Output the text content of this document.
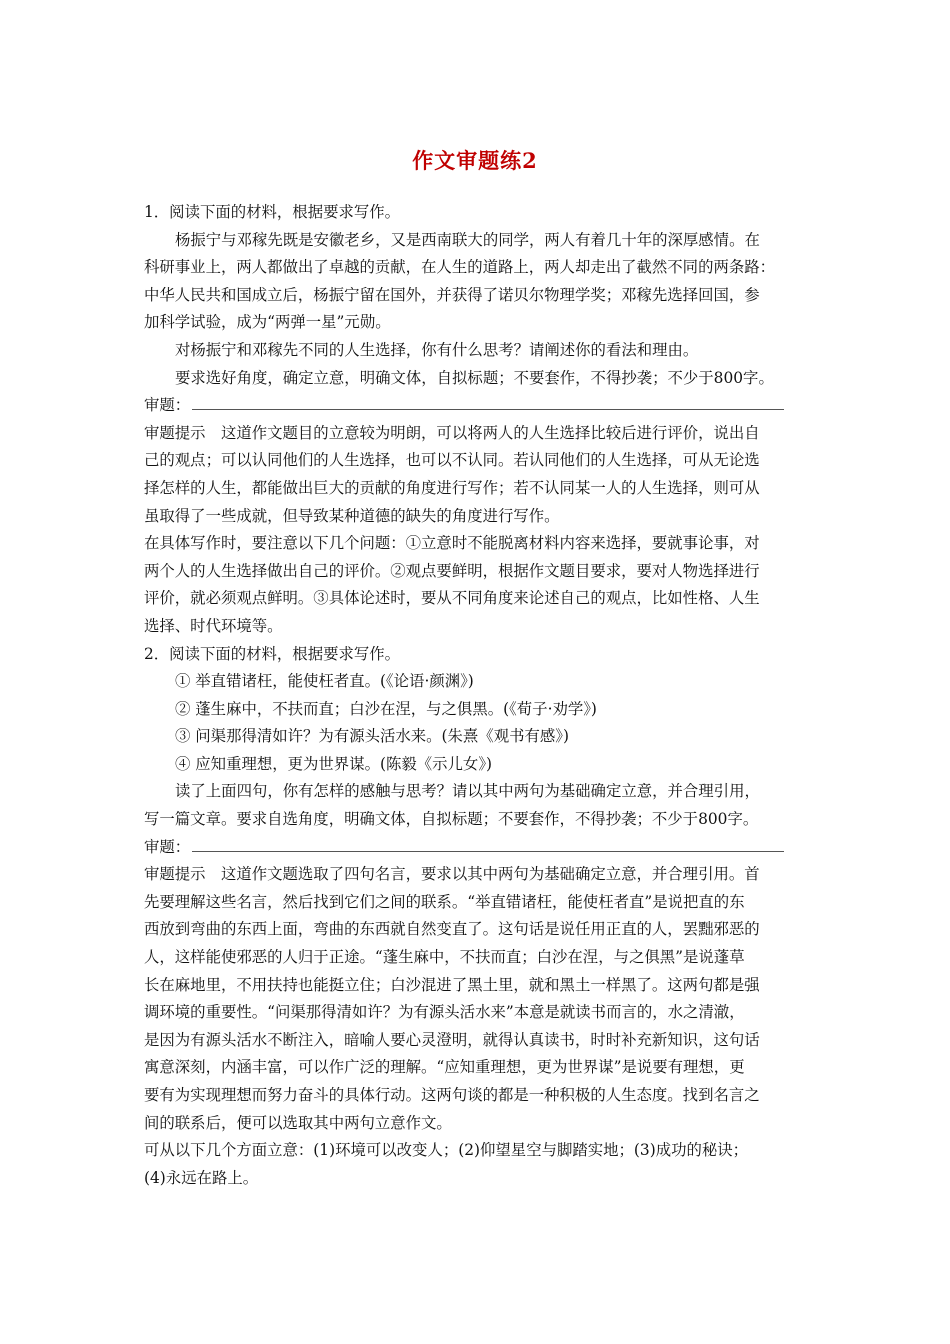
作文审题练2
1．阅读下面的材料，根据要求写作。
杨振宁与邓稼先既是安徽老乡，又是西南联大的同学，两人有着几十年的深厚感情。在
科研事业上，两人都做出了卓越的贡献，在人生的道路上，两人却走出了截然不同的两条路：
中华人民共和国成立后，杨振宁留在国外，并获得了诺贝尔物理学奖；邓稼先选择回国，参
加科学试验，成为“两弹一星”元勋。
对杨振宁和邓稼先不同的人生选择，你有什么思考？请阐述你的看法和理由。
要求选好角度，确定立意，明确文体，自拟标题；不要套作，不得抄袭；不少于800字。
审题：
审题提示　这道作文题目的立意较为明朗，可以将两人的人生选择比较后进行评价，说出自
己的观点；可以认同他们的人生选择，也可以不认同。若认同他们的人生选择，可从无论选
择怎样的人生，都能做出巨大的贡献的角度进行写作；若不认同某一人的人生选择，则可从
虽取得了一些成就，但导致某种道德的缺失的角度进行写作。
在具体写作时，要注意以下几个问题：①立意时不能脱离材料内容来选择，要就事论事，对
两个人的人生选择做出自己的评价。②观点要鲜明，根据作文题目要求，要对人物选择进行
评价，就必须观点鲜明。③具体论述时，要从不同角度来论述自己的观点，比如性格、人生
选择、时代环境等。
2．阅读下面的材料，根据要求写作。
① 举直错诸枉，能使枉者直。(《论语·颜渊》)
② 蓬生麻中，不扶而直；白沙在涅，与之俱黑。(《荀子·劝学》)
③ 问渠那得清如许？为有源头活水来。(朱熹《观书有感》)
④ 应知重理想，更为世界谋。(陈毅《示儿女》)
读了上面四句，你有怎样的感触与思考？请以其中两句为基础确定立意，并合理引用，
写一篇文章。要求自选角度，明确文体，自拟标题；不要套作，不得抄袭；不少于800字。
审题：
审题提示　这道作文题选取了四句名言，要求以其中两句为基础确定立意，并合理引用。首
先要理解这些名言，然后找到它们之间的联系。“举直错诸枉，能使枉者直”是说把直的东
西放到弯曲的东西上面，弯曲的东西就自然变直了。这句话是说任用正直的人，罢黜邪恶的
人，这样能使邪恶的人归于正途。“蓬生麻中，不扶而直；白沙在涅，与之俱黑”是说蓬草
长在麻地里，不用扶持也能挺立住；白沙混进了黑土里，就和黑土一样黑了。这两句都是强
调环境的重要性。“问渠那得清如许？为有源头活水来”本意是就读书而言的，水之清澈，
是因为有源头活水不断注入，暗喻人要心灵澄明，就得认真读书，时时补充新知识，这句话
寓意深刻，内涵丰富，可以作广泛的理解。“应知重理想，更为世界谋”是说要有理想，更
要有为实现理想而努力奋斗的具体行动。这两句谈的都是一种积极的人生态度。找到名言之
间的联系后，便可以选取其中两句立意作文。
可从以下几个方面立意：(1)环境可以改变人；(2)仰望星空与脚踏实地；(3)成功的秘诀；
(4)永远在路上。
